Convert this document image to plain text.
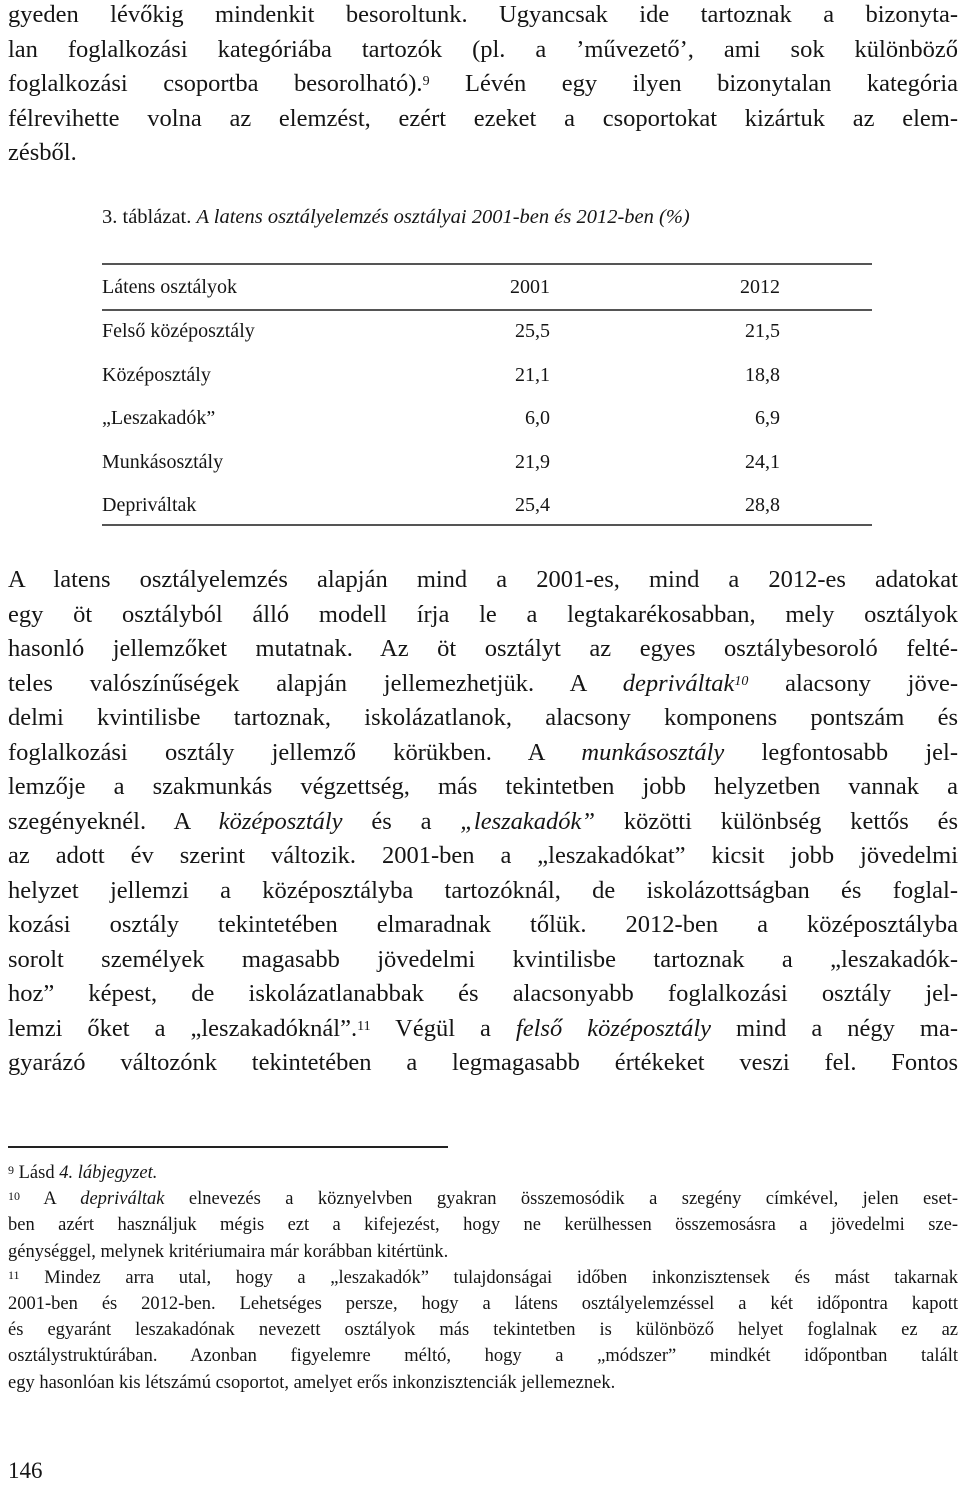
gyeden lévőkig mindenkit besoroltunk. Ugyancsak ide tartoznak a bizonyta-
lan foglalkozási kategóriába tartozók (pl. a ’művezető’, ami sok különböző
foglalkozási csoportba besorolható).$^9$ Lévén egy ilyen bizonytalan kategória
félrevihette volna az elemzést, ezért ezeket a csoportokat kizártuk az elem-
zésből.
3. táblázat. A latens osztályelemzés osztályai 2001-ben és 2012-ben (%)
Látens osztályok	2001	2012
Felső középosztály	25,5	21,5
Középosztály	21,1	18,8
„Leszakadók”	6,0	6,9
Munkásosztály	21,9	24,1
Depriváltak	25,4	28,8
A latens osztályelemzés alapján mind a 2001-es, mind a 2012-es adatokat
egy öt osztályból álló modell írja le a legtakarékosabban, mely osztályok
hasonló jellemzőket mutatnak. Az öt osztályt az egyes osztálybesoroló felté-
teles valószínűségek alapján jellemezhetjük. A depriváltak$^{10}$ alacsony jöve-
delmi kvintilisbe tartoznak, iskolázatlanok, alacsony komponens pontszám és
foglalkozási osztály jellemző körükben. A munkásosztály legfontosabb jel-
lemzője a szakmunkás végzettség, más tekintetben jobb helyzetben vannak a
szegényeknél. A középosztály és a „leszakadók” közötti különbség kettős és
az adott év szerint változik. 2001-ben a „leszakadókat” kicsit jobb jövedelmi
helyzet jellemzi a középosztályba tartozóknál, de iskolázottságban és foglal-
kozási osztály tekintetében elmaradnak tőlük. 2012-ben a középosztályba
sorolt személyek magasabb jövedelmi kvintilisbe tartoznak a „leszakadók-
hoz” képest, de iskolázatlanabbak és alacsonyabb foglalkozási osztály jel-
lemzi őket a „leszakadóknál”.$^{11}$ Végül a felső középosztály mind a négy ma-
gyarázó változónk tekintetében a legmagasabb értékeket veszi fel. Fontos
$^9$ Lásd 4. lábjegyzet.
$^{10}$ A depriváltak elnevezés a köznyelvben gyakran összemosódik a szegény címkével, jelen eset-
ben azért használjuk mégis ezt a kifejezést, hogy ne kerülhessen összemosásra a jövedelmi sze-
génységgel, melynek kritériumaira már korábban kitértünk.
$^{11}$ Mindez arra utal, hogy a „leszakadók” tulajdonságai időben inkonzisztensek és mást takarnak
2001-ben és 2012-ben. Lehetséges persze, hogy a látens osztályelemzéssel a két időpontra kapott
és egyaránt leszakadónak nevezett osztályok más tekintetben is különböző helyet foglalnak ez az
osztálystruktúrában. Azonban figyelemre méltó, hogy a „módszer” mindkét időpontban talált
egy hasonlóan kis létszámú csoportot, amelyet erős inkonzisztenciák jellemeznek.
146
